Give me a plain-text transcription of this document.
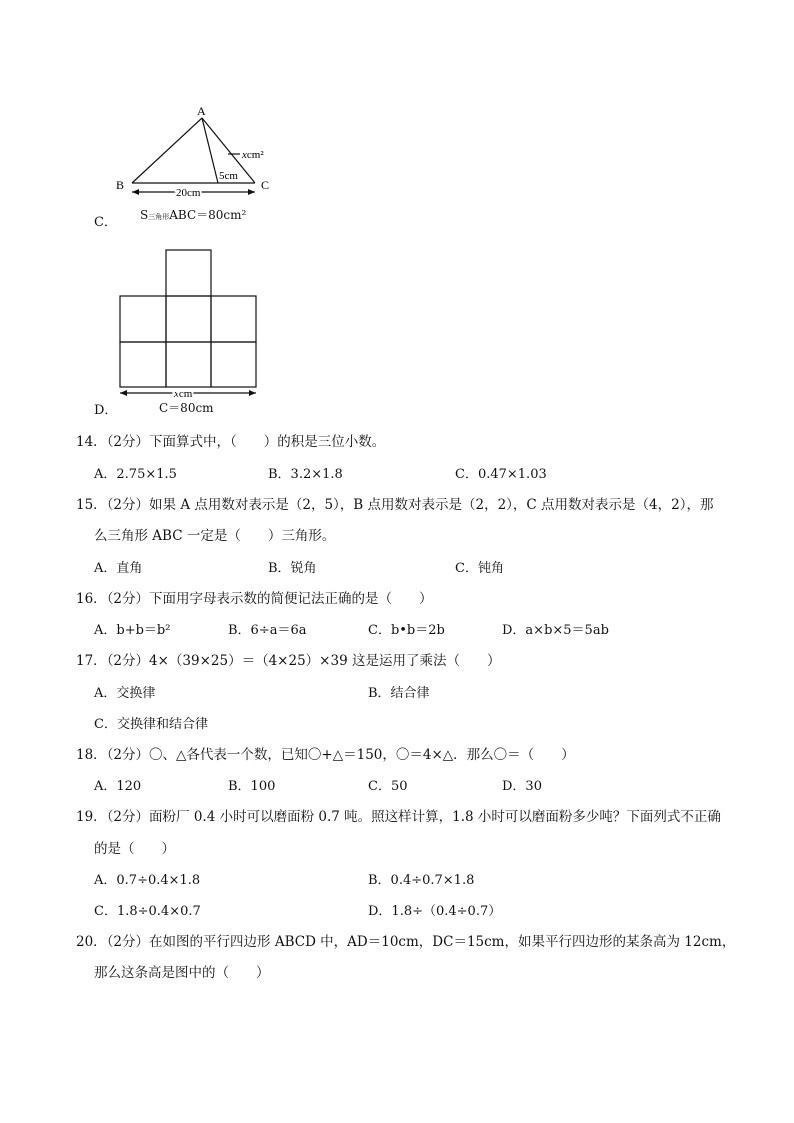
A
B	C
5cm
xcm²
20cm
C． S三角形ABC＝80cm²
xcm
D．	C＝80cm
14．（2分）下面算式中，（　　）的积是三位小数。
A．2.75×1.5	B．3.2×1.8	C．0.47×1.03
15．（2分）如果 A 点用数对表示是（2，5），B 点用数对表示是（2，2），C 点用数对表示是（4，2），那
么三角形 ABC 一定是（　　）三角形。
A．直角	B．锐角	C．钝角
16．（2分）下面用字母表示数的简便记法正确的是（　　）
A．b+b＝b²	B．6÷a＝6a	C．b•b＝2b	D．a×b×5＝5ab
17．（2分）4×（39×25）＝（4×25）×39 这是运用了乘法（　　）
A．交换律	B．结合律
C．交换律和结合律
18．（2分）〇、△各代表一个数，已知〇+△＝150，〇＝4×△．那么〇＝（　　）
A．120	B．100	C．50	D．30
19．（2分）面粉厂 0.4 小时可以磨面粉 0.7 吨。照这样计算，1.8 小时可以磨面粉多少吨？下面列式不正确
的是（　　）
A．0.7÷0.4×1.8	B．0.4÷0.7×1.8
C．1.8÷0.4×0.7	D．1.8÷（0.4÷0.7）
20．（2分）在如图的平行四边形 ABCD 中，AD＝10cm，DC＝15cm，如果平行四边形的某条高为 12cm，
那么这条高是图中的（　　）
